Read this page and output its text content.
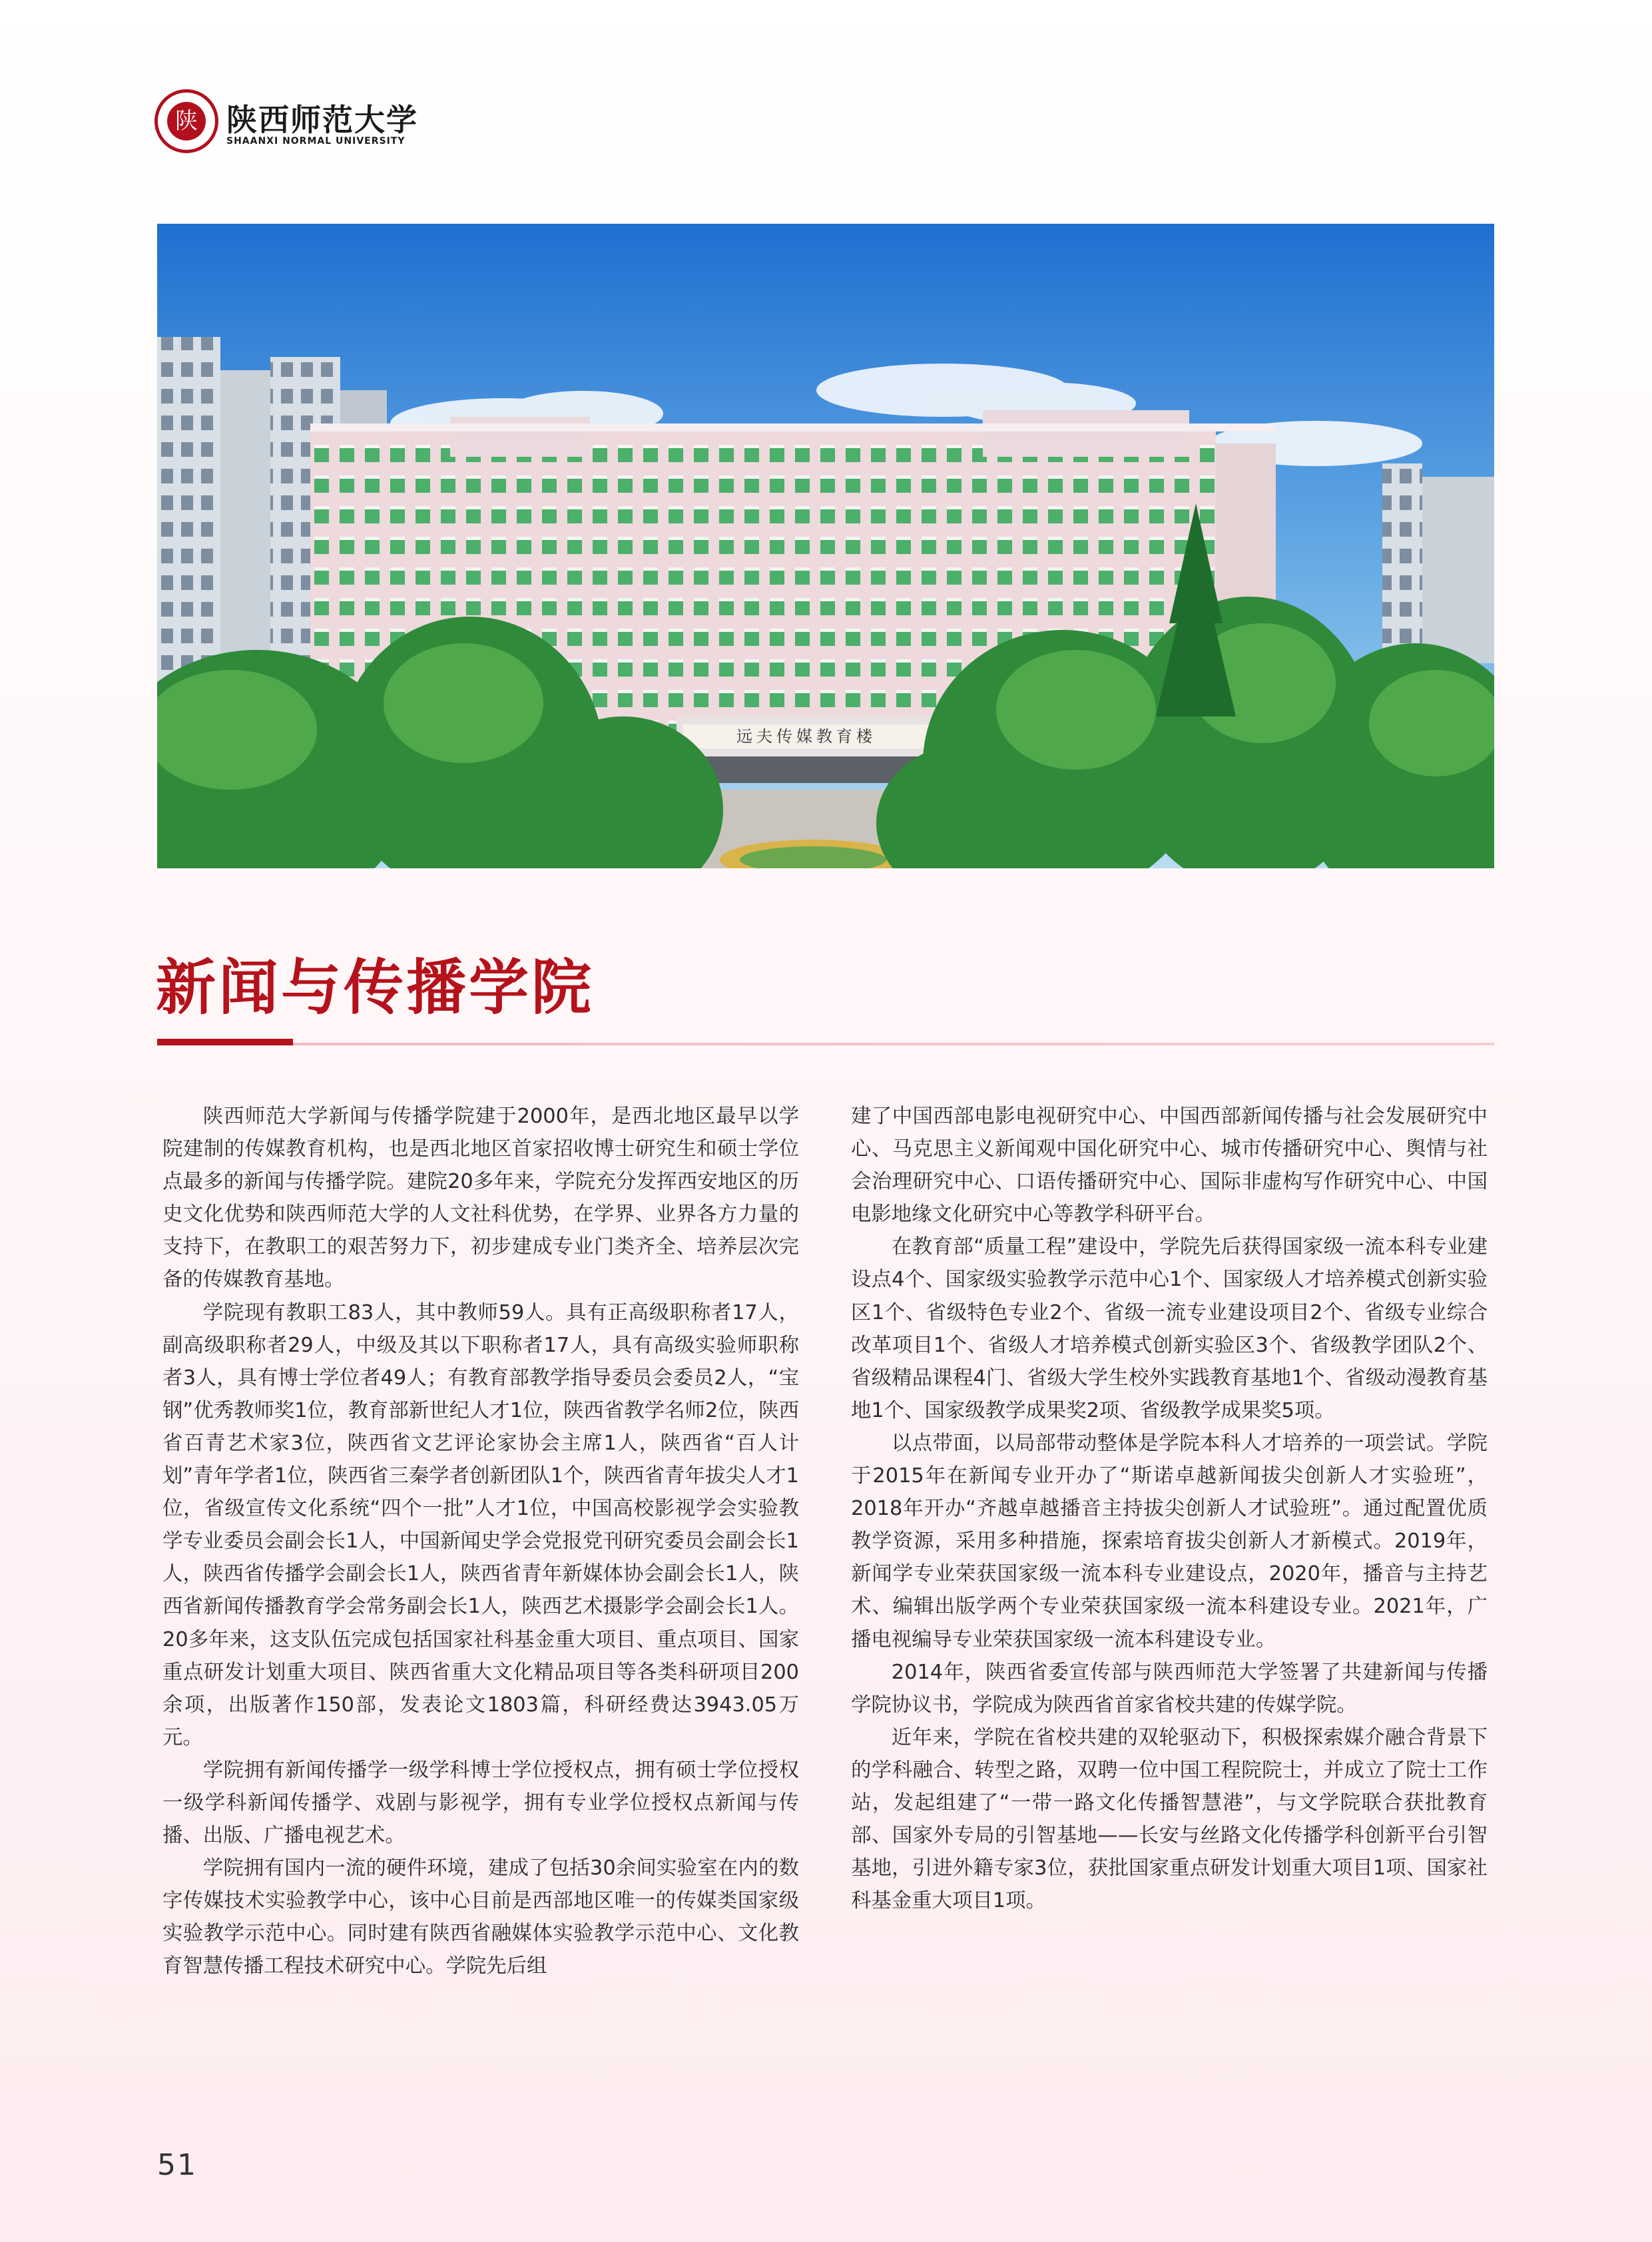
陕 陕西师范大学
SHAANXI NORMAL UNIVERSITY
远夫传媒教育楼
新闻与传播学院

陕西师范大学新闻与传播学院建于2000年，是西北地区最早以学院建制的传媒教育机构，也是西北地区首家招收博士研究生和硕士学位点最多的新闻与传播学院。建院20多年来，学院充分发挥西安地区的历史文化优势和陕西师范大学的人文社科优势，在学界、业界各方力量的支持下，在教职工的艰苦努力下，初步建成专业门类齐全、培养层次完备的传媒教育基地。

学院现有教职工83人，其中教师59人。具有正高级职称者17人，副高级职称者29人，中级及其以下职称者17人，具有高级实验师职称者3人，具有博士学位者49人；有教育部教学指导委员会委员2人，“宝钢”优秀教师奖1位，教育部新世纪人才1位，陕西省教学名师2位，陕西省百青艺术家3位，陕西省文艺评论家协会主席1人，陕西省“百人计划”青年学者1位，陕西省三秦学者创新团队1个，陕西省青年拔尖人才1位，省级宣传文化系统“四个一批”人才1位，中国高校影视学会实验教学专业委员会副会长1人，中国新闻史学会党报党刊研究委员会副会长1人，陕西省传播学会副会长1人，陕西省青年新媒体协会副会长1人，陕西省新闻传播教育学会常务副会长1人，陕西艺术摄影学会副会长1人。20多年来，这支队伍完成包括国家社科基金重大项目、重点项目、国家重点研发计划重大项目、陕西省重大文化精品项目等各类科研项目200余项，出版著作150部，发表论文1803篇，科研经费达3943.05万元。

学院拥有新闻传播学一级学科博士学位授权点，拥有硕士学位授权一级学科新闻传播学、戏剧与影视学，拥有专业学位授权点新闻与传播、出版、广播电视艺术。

学院拥有国内一流的硬件环境，建成了包括30余间实验室在内的数字传媒技术实验教学中心，该中心目前是西部地区唯一的传媒类国家级实验教学示范中心。同时建有陕西省融媒体实验教学示范中心、文化教育智慧传播工程技术研究中心。学院先后组

建了中国西部电影电视研究中心、中国西部新闻传播与社会发展研究中心、马克思主义新闻观中国化研究中心、城市传播研究中心、舆情与社会治理研究中心、口语传播研究中心、国际非虚构写作研究中心、中国电影地缘文化研究中心等教学科研平台。

在教育部“质量工程”建设中，学院先后获得国家级一流本科专业建设点4个、国家级实验教学示范中心1个、国家级人才培养模式创新实验区1个、省级特色专业2个、省级一流专业建设项目2个、省级专业综合改革项目1个、省级人才培养模式创新实验区3个、省级教学团队2个、省级精品课程4门、省级大学生校外实践教育基地1个、省级动漫教育基地1个、国家级教学成果奖2项、省级教学成果奖5项。

以点带面，以局部带动整体是学院本科人才培养的一项尝试。学院于2015年在新闻专业开办了“斯诺卓越新闻拔尖创新人才实验班”，2018年开办“齐越卓越播音主持拔尖创新人才试验班”。通过配置优质教学资源，采用多种措施，探索培育拔尖创新人才新模式。2019年，新闻学专业荣获国家级一流本科专业建设点，2020年，播音与主持艺术、编辑出版学两个专业荣获国家级一流本科建设专业。2021年，广播电视编导专业荣获国家级一流本科建设专业。

2014年，陕西省委宣传部与陕西师范大学签署了共建新闻与传播学院协议书，学院成为陕西省首家省校共建的传媒学院。

近年来，学院在省校共建的双轮驱动下，积极探索媒介融合背景下的学科融合、转型之路，双聘一位中国工程院院士，并成立了院士工作站，发起组建了“一带一路文化传播智慧港”，与文学院联合获批教育部、国家外专局的引智基地——长安与丝路文化传播学科创新平台引智基地，引进外籍专家3位，获批国家重点研发计划重大项目1项、国家社科基金重大项目1项。

51
